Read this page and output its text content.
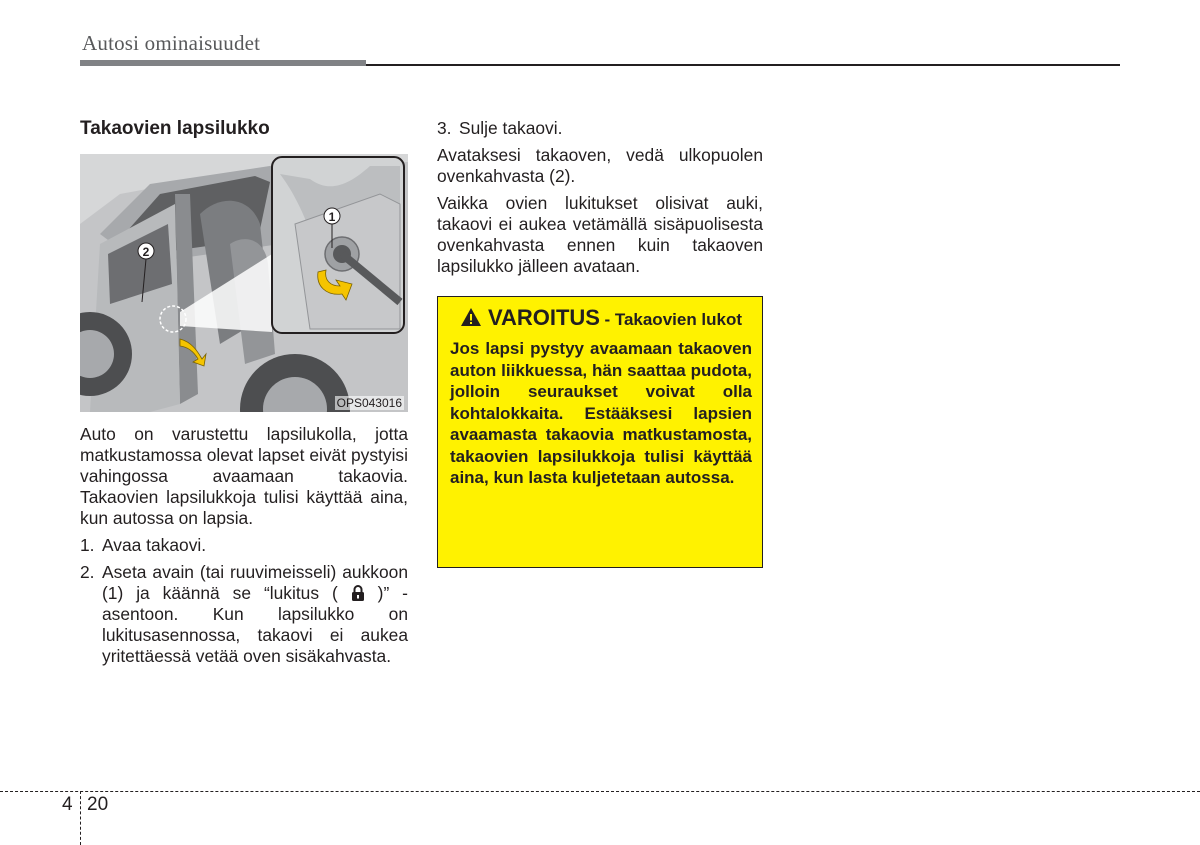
Autosi ominaisuudet
Takaovien lapsilukko
1
2
OPS043016

Auto on varustettu lapsilukolla, jotta matkustamossa olevat lapset eivät pystyisi vahingossa avaamaan takaovia. Takaovien lapsilukkoja tulisi käyttää aina, kun autossa on lapsia.

1. Avaa takaovi.
2. Aseta avain (tai ruuvimeisseli) aukkoon (1) ja käännä se “lukitus ( )” -asentoon. Kun lapsilukko on lukitusasennossa, takaovi ei aukea yritettäessä vetää oven sisäkahvasta.
3. Sulje takaovi.

Avataksesi takaoven, vedä ulkopuolen ovenkahvasta (2).

Vaikka ovien lukitukset olisivat auki, takaovi ei aukea vetämällä sisäpuolisesta ovenkahvasta ennen kuin takaoven lapsilukko jälleen avataan.

VAROITUS - Takaovien lukot
Jos lapsi pystyy avaamaan takaoven auton liikkuessa, hän saattaa pudota, jolloin seuraukset voivat olla kohtalokkaita. Estääksesi lapsien avaamasta takaovia matkustamosta, takaovien lapsilukkoja tulisi käyttää aina, kun lasta kuljetetaan autossa.
4 20
